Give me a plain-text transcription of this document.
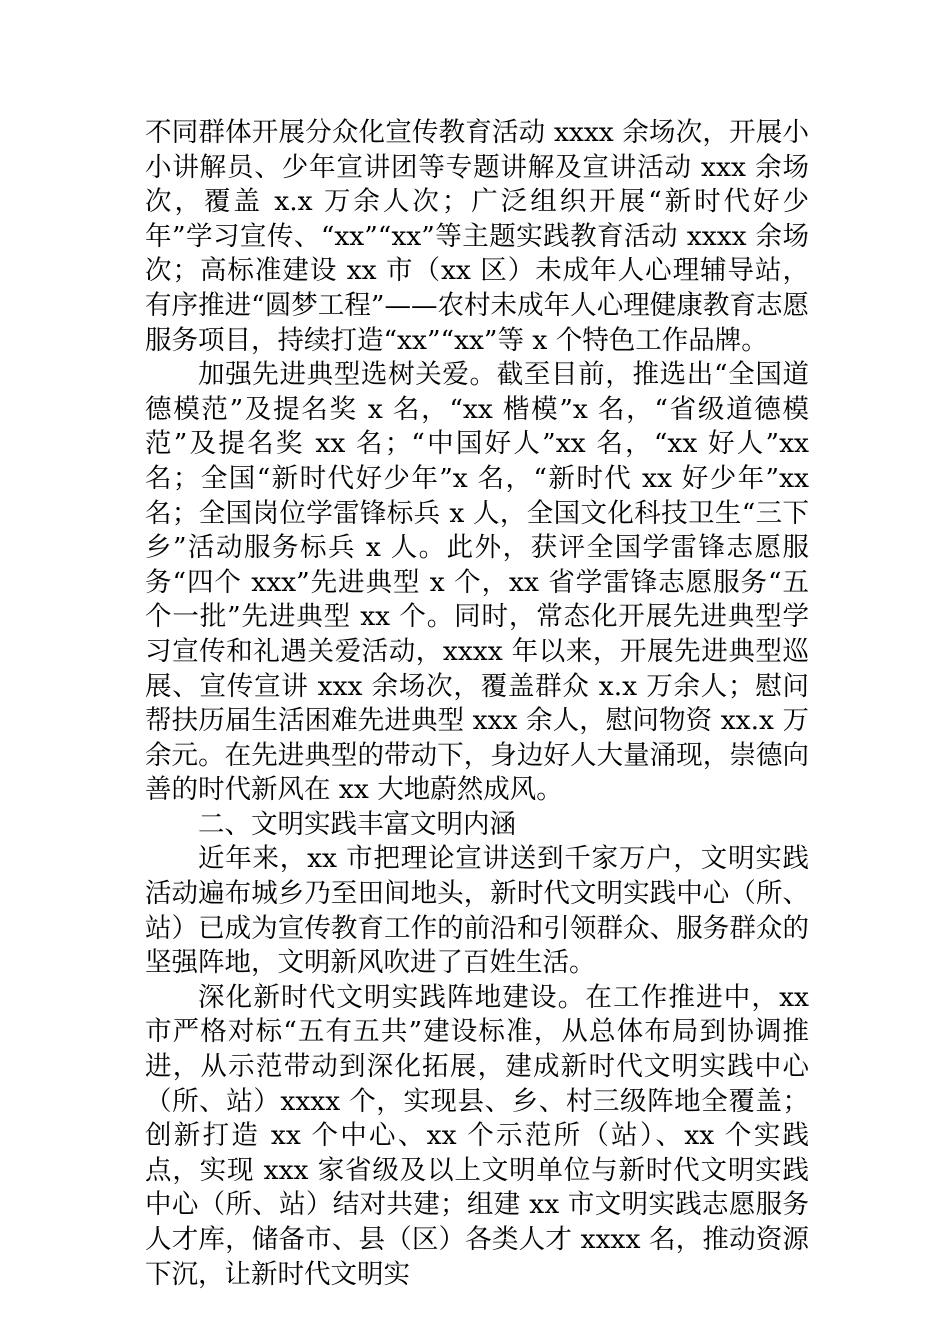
不同群体开展分众化宣传教育活动 xxxx 余场次，开展小小讲解员、少年宣讲团等专题讲解及宣讲活动 xxx 余场次，覆盖 x.x 万余人次；广泛组织开展“新时代好少年”学习宣传、“xx”“xx”等主题实践教育活动 xxxx 余场次；高标准建设 xx 市（xx 区）未成年人心理辅导站，有序推进“圆梦工程”——农村未成年人心理健康教育志愿服务项目，持续打造“xx”“xx”等 x 个特色工作品牌。

加强先进典型选树关爱。截至目前，推选出“全国道德模范”及提名奖 x 名，“xx 楷模”x 名，“省级道德模范”及提名奖 xx 名；“中国好人”xx 名，“xx 好人”xx 名；全国“新时代好少年”x 名，“新时代 xx 好少年”xx 名；全国岗位学雷锋标兵 x 人，全国文化科技卫生“三下乡”活动服务标兵 x 人。此外，获评全国学雷锋志愿服务“四个 xxx”先进典型 x 个，xx 省学雷锋志愿服务“五个一批”先进典型 xx 个。同时，常态化开展先进典型学习宣传和礼遇关爱活动，xxxx 年以来，开展先进典型巡展、宣传宣讲 xxx 余场次，覆盖群众 x.x 万余人；慰问帮扶历届生活困难先进典型 xxx 余人，慰问物资 xx.x 万余元。在先进典型的带动下，身边好人大量涌现，崇德向善的时代新风在 xx 大地蔚然成风。

二、文明实践丰富文明内涵

近年来，xx 市把理论宣讲送到千家万户，文明实践活动遍布城乡乃至田间地头，新时代文明实践中心（所、站）已成为宣传教育工作的前沿和引领群众、服务群众的坚强阵地，文明新风吹进了百姓生活。

深化新时代文明实践阵地建设。在工作推进中，xx 市严格对标“五有五共”建设标准，从总体布局到协调推进，从示范带动到深化拓展，建成新时代文明实践中心（所、站）xxxx 个，实现县、乡、村三级阵地全覆盖；创新打造 xx 个中心、xx 个示范所（站）、xx 个实践点，实现 xxx 家省级及以上文明单位与新时代文明实践中心（所、站）结对共建；组建 xx 市文明实践志愿服务人才库，储备市、县（区）各类人才 xxxx 名，推动资源下沉，让新时代文明实
